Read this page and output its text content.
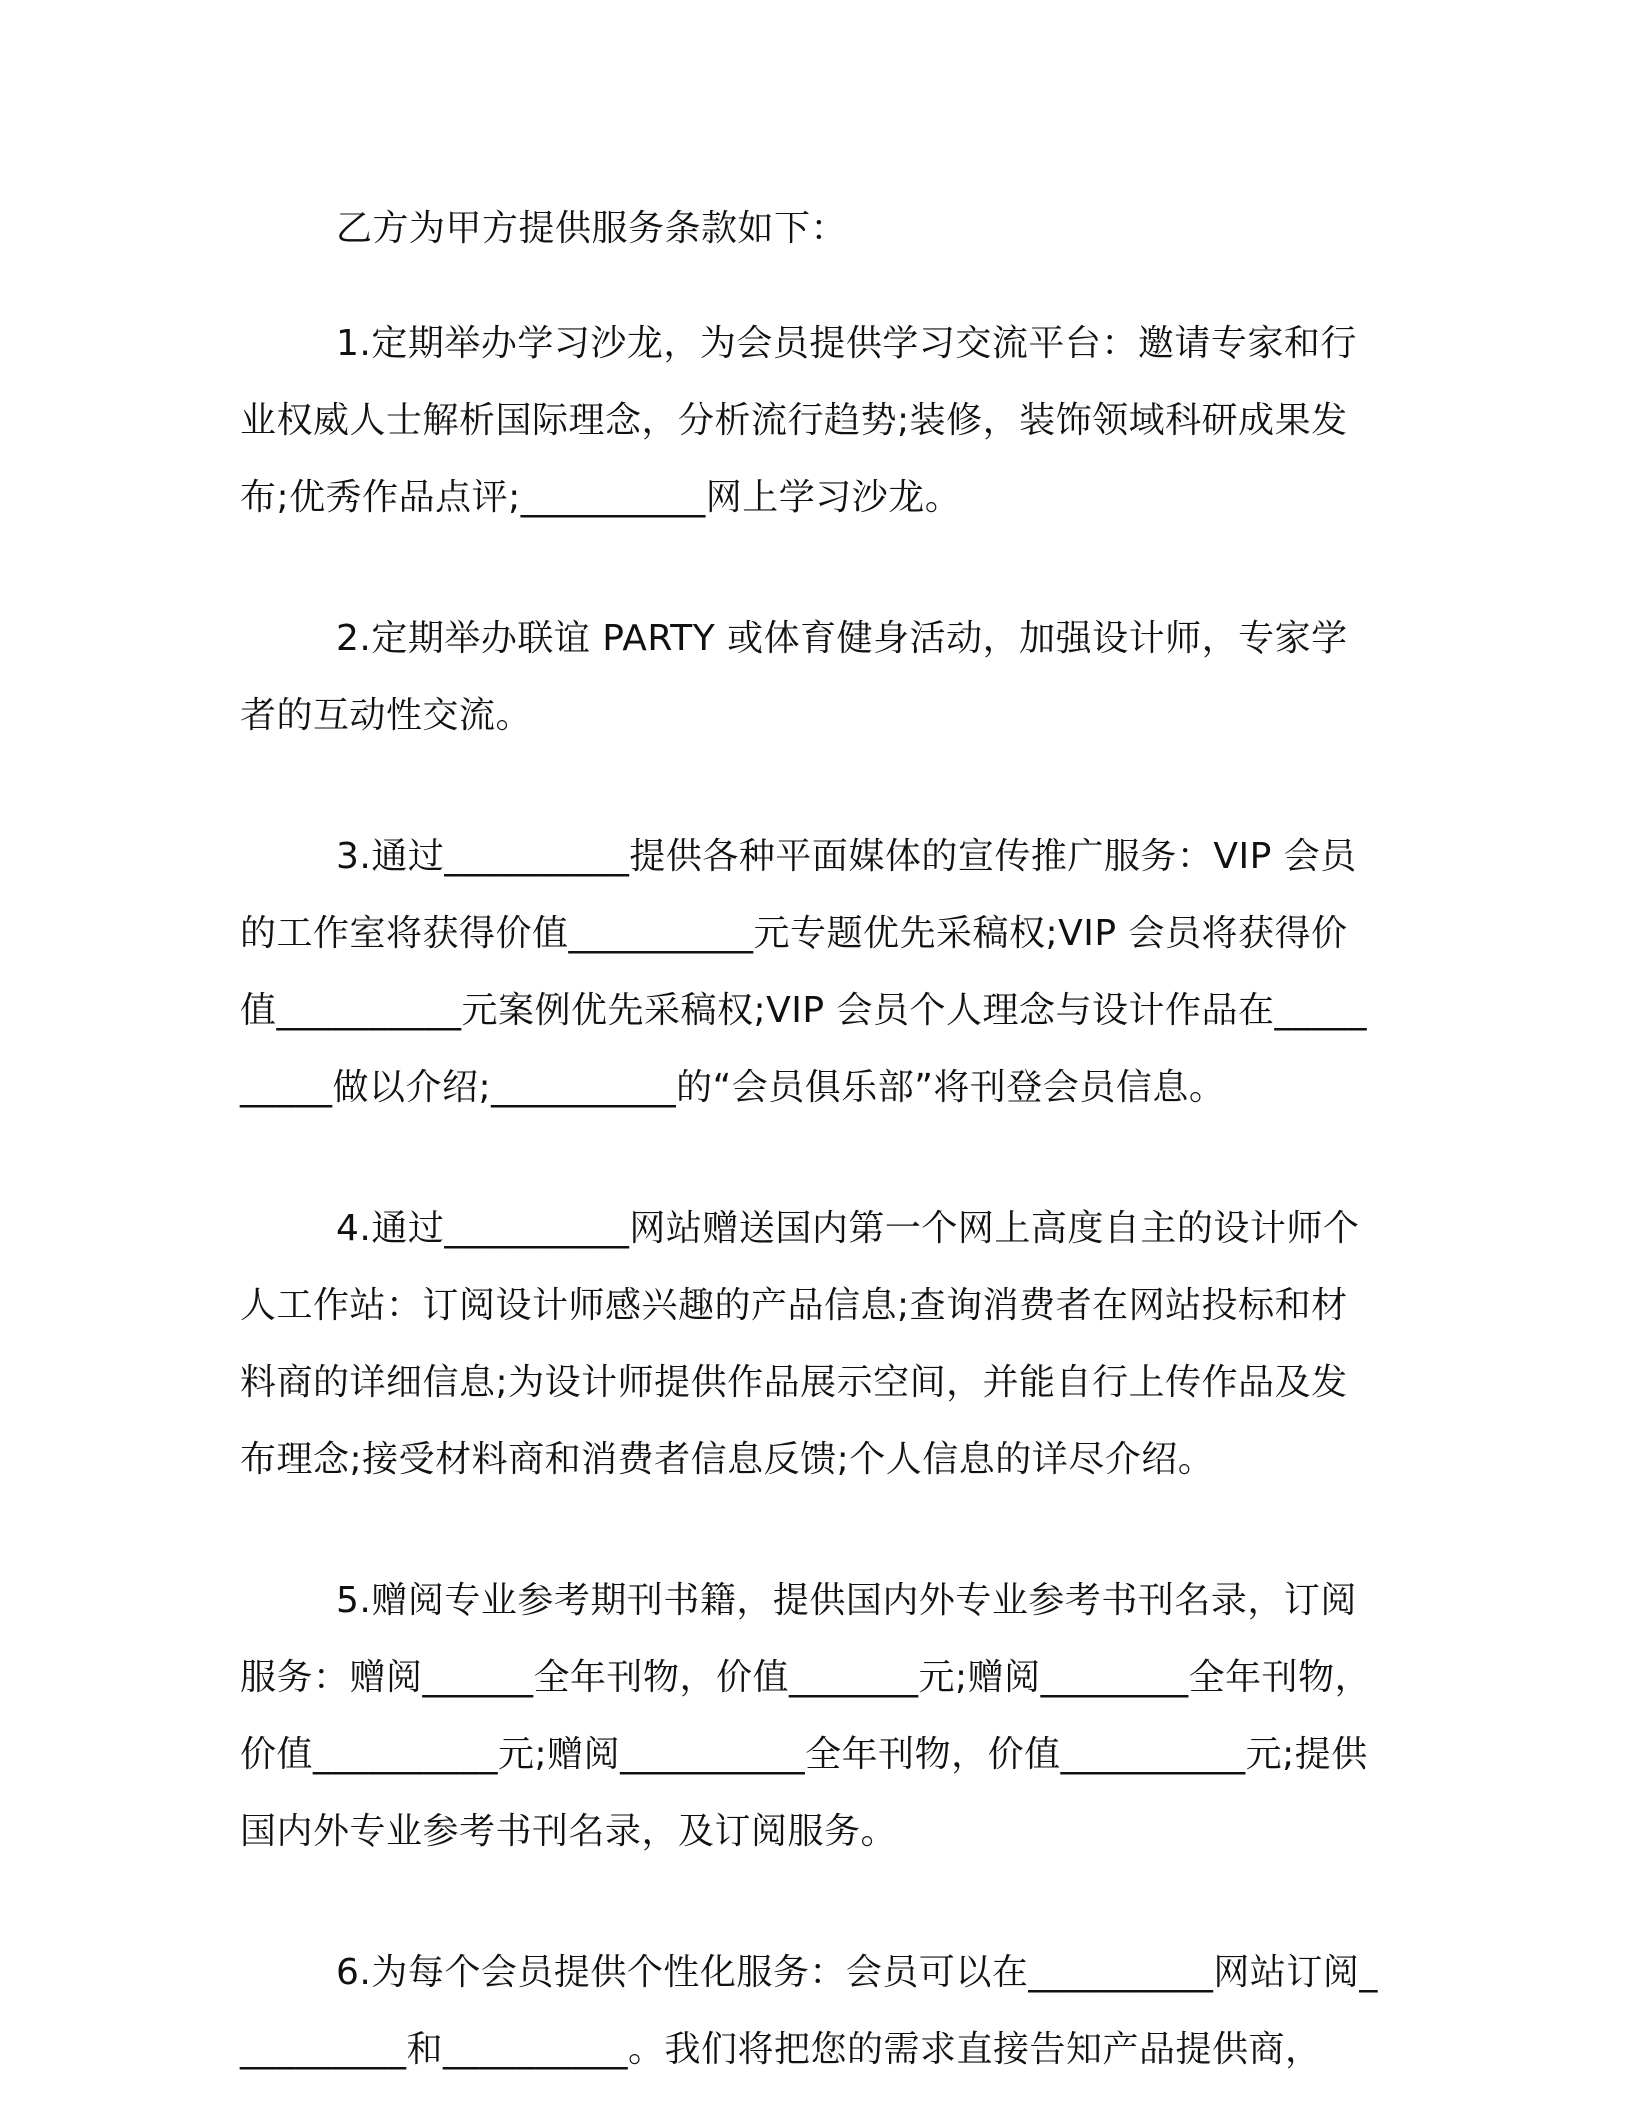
乙方为甲方提供服务条款如下：

1.定期举办学习沙龙，为会员提供学习交流平台：邀请专家和行业权威人士解析国际理念，分析流行趋势;装修，装饰领域科研成果发布;优秀作品点评;__________网上学习沙龙。

2.定期举办联谊 PARTY 或体育健身活动，加强设计师，专家学者的互动性交流。

3.通过__________提供各种平面媒体的宣传推广服务：VIP 会员的工作室将获得价值__________元专题优先采稿权;VIP 会员将获得价值__________元案例优先采稿权;VIP 会员个人理念与设计作品在__________做以介绍;__________的“会员俱乐部”将刊登会员信息。

4.通过__________网站赠送国内第一个网上高度自主的设计师个人工作站：订阅设计师感兴趣的产品信息;查询消费者在网站投标和材料商的详细信息;为设计师提供作品展示空间，并能自行上传作品及发布理念;接受材料商和消费者信息反馈;个人信息的详尽介绍。

5.赠阅专业参考期刊书籍，提供国内外专业参考书刊名录，订阅服务：赠阅______全年刊物，价值_______元;赠阅________全年刊物，价值__________元;赠阅__________全年刊物，价值__________元;提供国内外专业参考书刊名录，及订阅服务。

6.为每个会员提供个性化服务：会员可以在__________网站订阅__________和__________。我们将把您的需求直接告知产品提供商，
